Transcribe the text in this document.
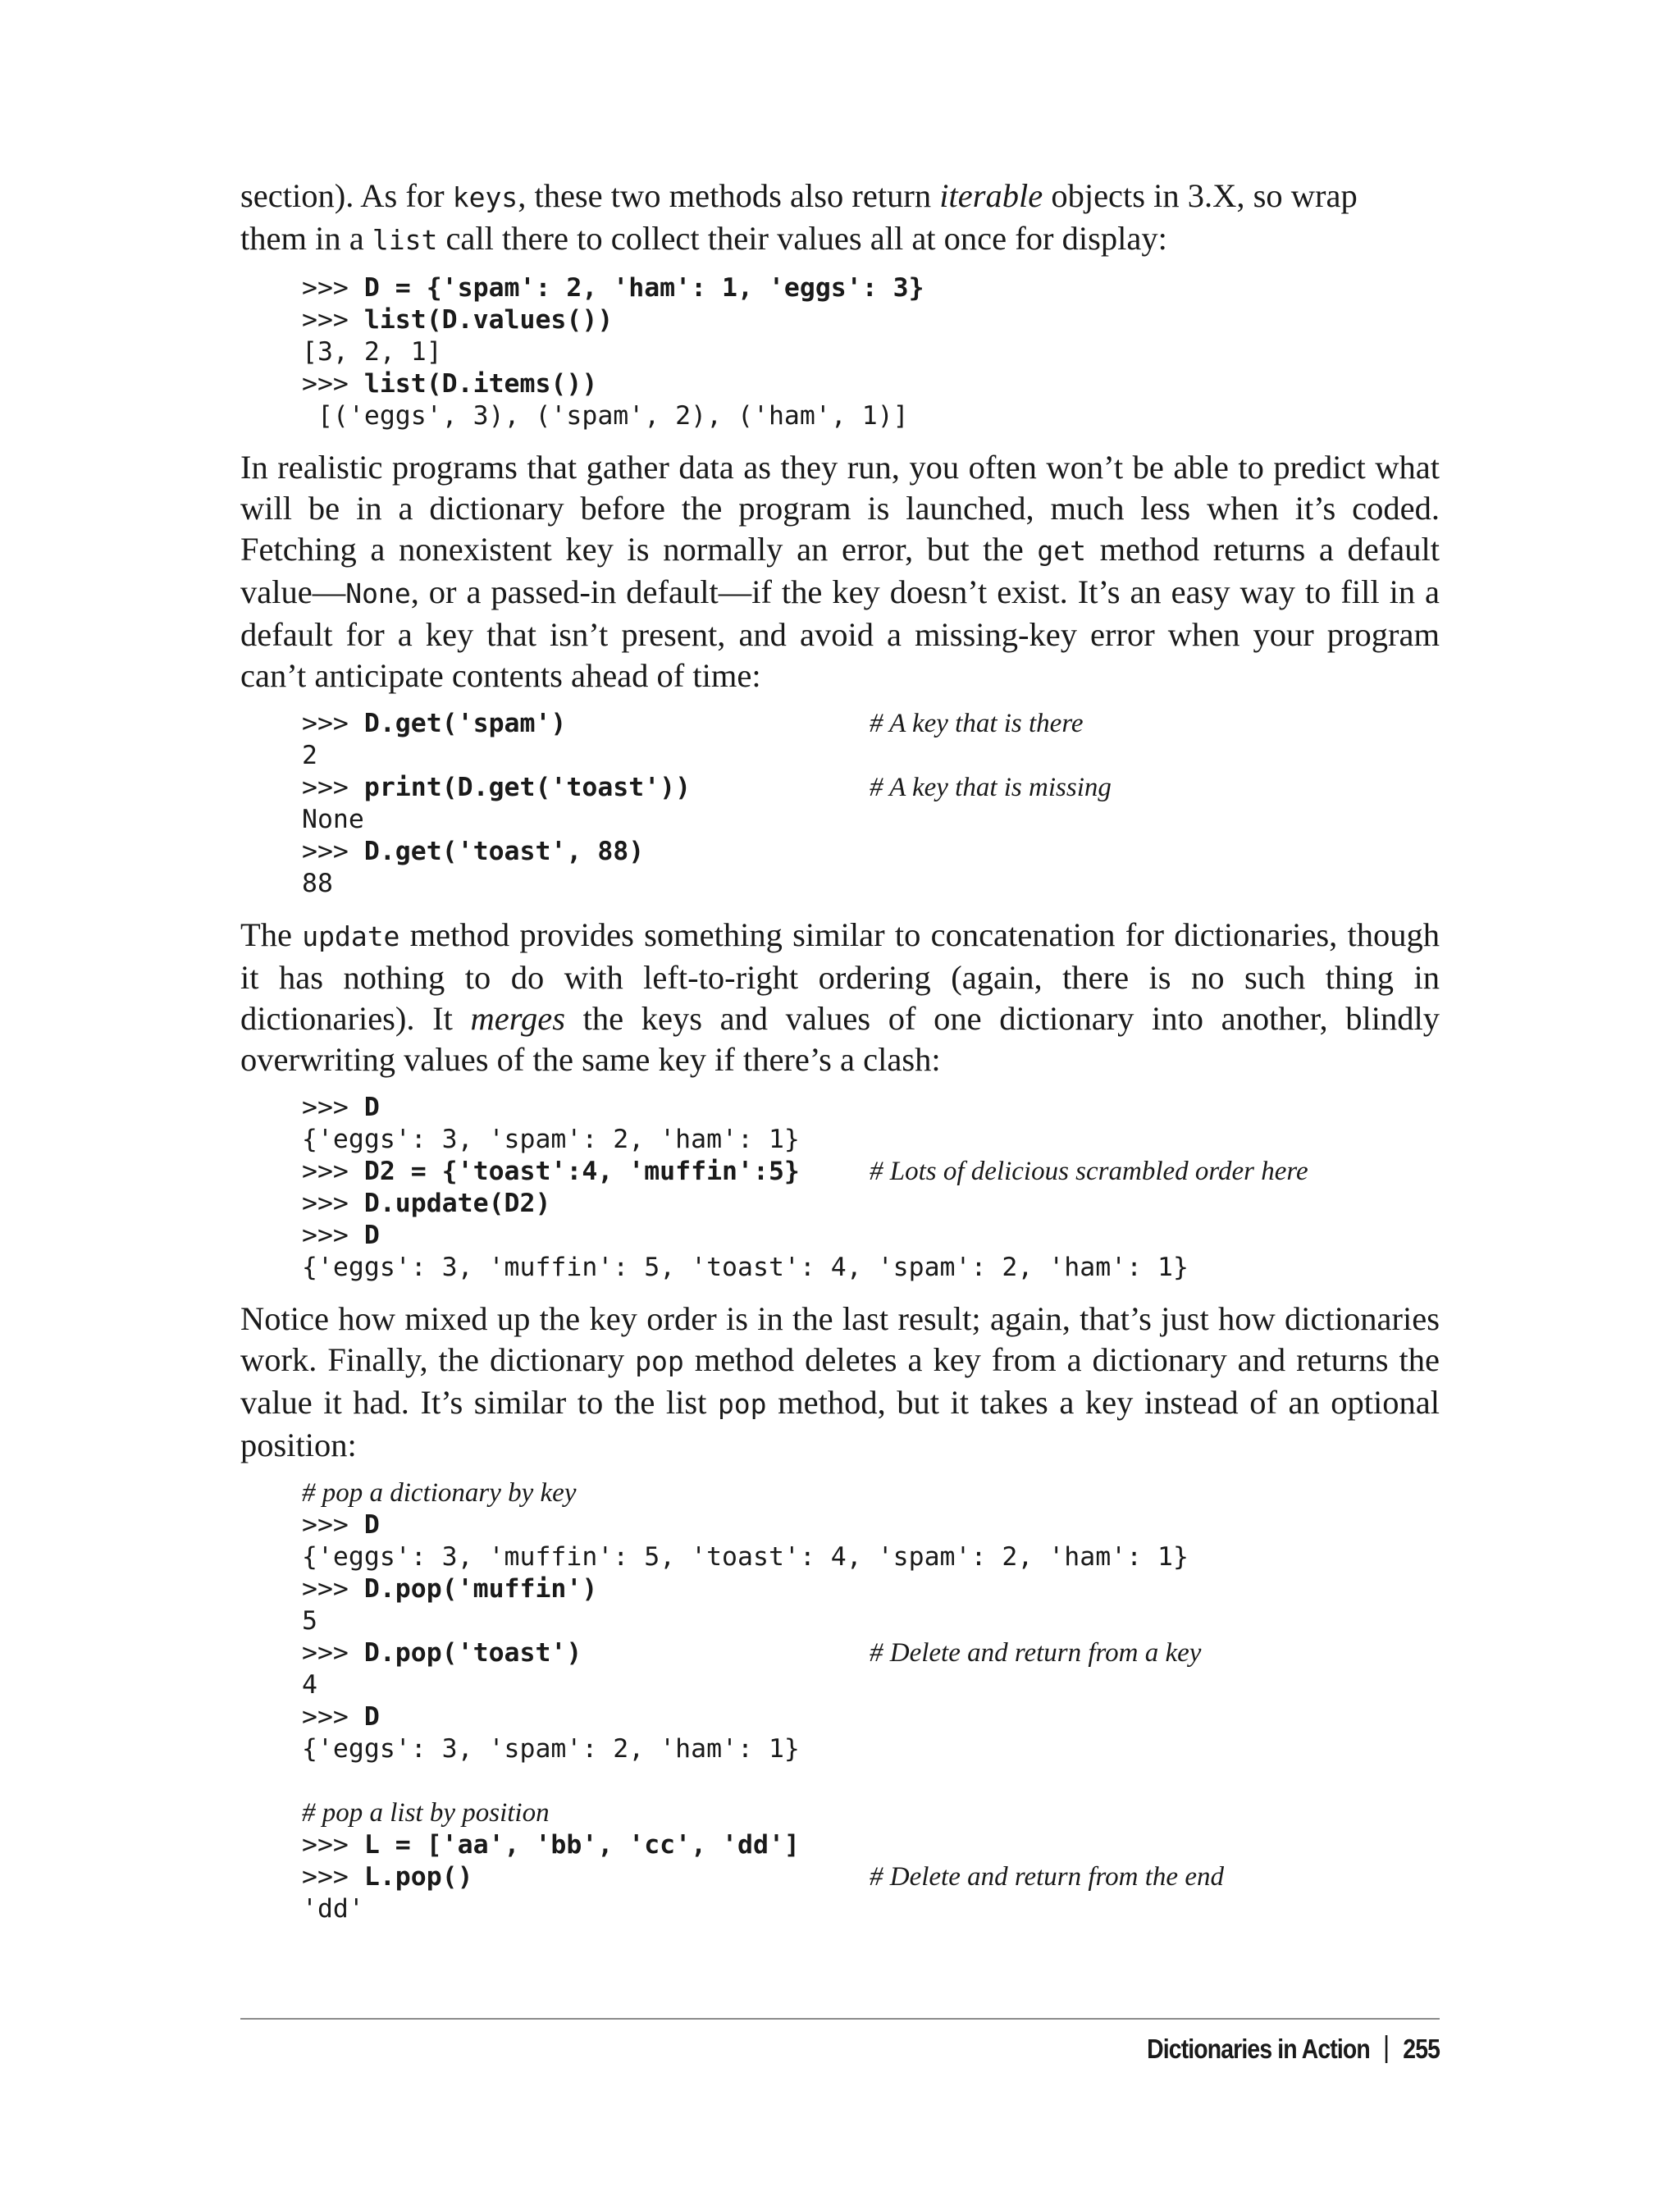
section). As for keys, these two methods also return iterable objects in 3.X, so wrap
them in a list call there to collect their values all at once for display:

>>> D = {'spam': 2, 'ham': 1, 'eggs': 3}
>>> list(D.values())
[3, 2, 1]
>>> list(D.items())
[('eggs', 3), ('spam', 2), ('ham', 1)]

In realistic programs that gather data as they run, you often won’t be able to predict what will be in a dictionary before the program is launched, much less when it’s coded. Fetching a nonexistent key is normally an error, but the get method returns a default value—None, or a passed-in default—if the key doesn’t exist. It’s an easy way to fill in a default for a key that isn’t present, and avoid a missing-key error when your program can’t anticipate contents ahead of time:

>>> D.get('spam')	# A key that is there
2
>>> print(D.get('toast'))	# A key that is missing
None
>>> D.get('toast', 88)
88

The update method provides something similar to concatenation for dictionaries, though it has nothing to do with left-to-right ordering (again, there is no such thing in dictionaries). It merges the keys and values of one dictionary into another, blindly overwriting values of the same key if there’s a clash:

>>> D
{'eggs': 3, 'spam': 2, 'ham': 1}
>>> D2 = {'toast':4, 'muffin':5}	# Lots of delicious scrambled order here
>>> D.update(D2)
>>> D
{'eggs': 3, 'muffin': 5, 'toast': 4, 'spam': 2, 'ham': 1}

Notice how mixed up the key order is in the last result; again, that’s just how dictionaries work. Finally, the dictionary pop method deletes a key from a dictionary and returns the value it had. It’s similar to the list pop method, but it takes a key instead of an optional position:

# pop a dictionary by key
>>> D
{'eggs': 3, 'muffin': 5, 'toast': 4, 'spam': 2, 'ham': 1}
>>> D.pop('muffin')
5
>>> D.pop('toast')	# Delete and return from a key
4
>>> D
{'eggs': 3, 'spam': 2, 'ham': 1}
# pop a list by position
>>> L = ['aa', 'bb', 'cc', 'dd']
>>> L.pop()	# Delete and return from the end
'dd'
Dictionaries in Action 255
